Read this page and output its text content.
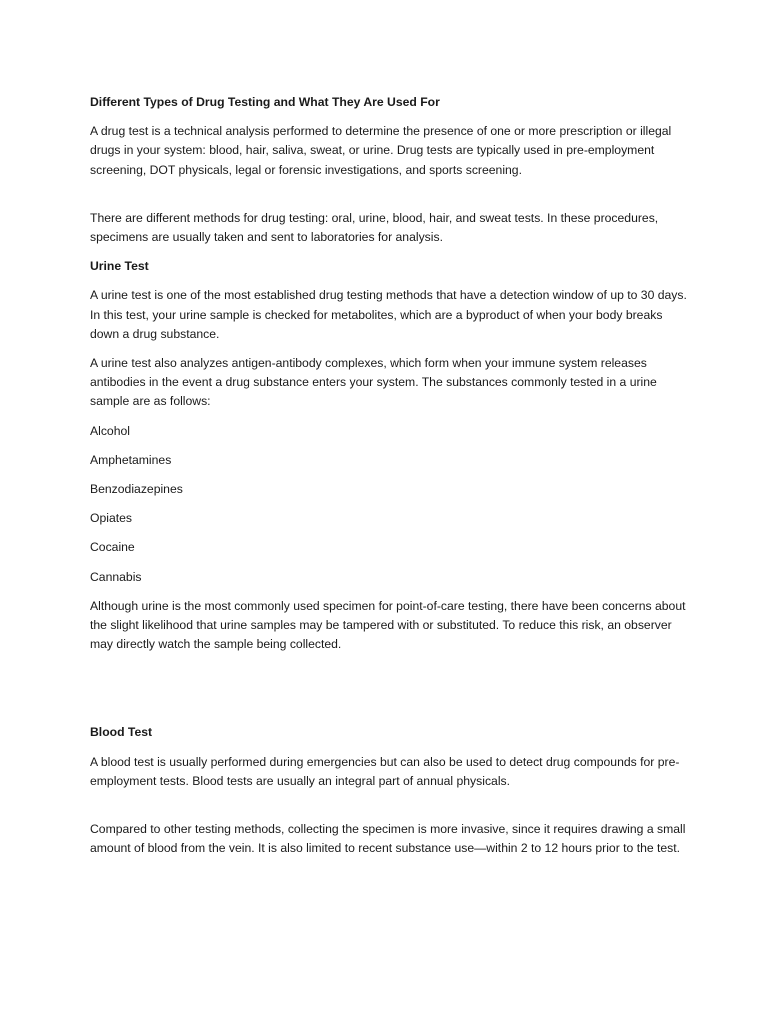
Different Types of Drug Testing and What They Are Used For

A drug test is a technical analysis performed to determine the presence of one or more prescription or illegal drugs in your system: blood, hair, saliva, sweat, or urine. Drug tests are typically used in pre-employment screening, DOT physicals, legal or forensic investigations, and sports screening.

There are different methods for drug testing: oral, urine, blood, hair, and sweat tests. In these procedures, specimens are usually taken and sent to laboratories for analysis.

Urine Test

A urine test is one of the most established drug testing methods that have a detection window of up to 30 days. In this test, your urine sample is checked for metabolites, which are a byproduct of when your body breaks down a drug substance.

A urine test also analyzes antigen-antibody complexes, which form when your immune system releases antibodies in the event a drug substance enters your system. The substances commonly tested in a urine sample are as follows:

Alcohol

Amphetamines

Benzodiazepines

Opiates

Cocaine

Cannabis

Although urine is the most commonly used specimen for point-of-care testing, there have been concerns about the slight likelihood that urine samples may be tampered with or substituted. To reduce this risk, an observer may directly watch the sample being collected.

Blood Test

A blood test is usually performed during emergencies but can also be used to detect drug compounds for pre-employment tests. Blood tests are usually an integral part of annual physicals.

Compared to other testing methods, collecting the specimen is more invasive, since it requires drawing a small amount of blood from the vein. It is also limited to recent substance use—within 2 to 12 hours prior to the test.
